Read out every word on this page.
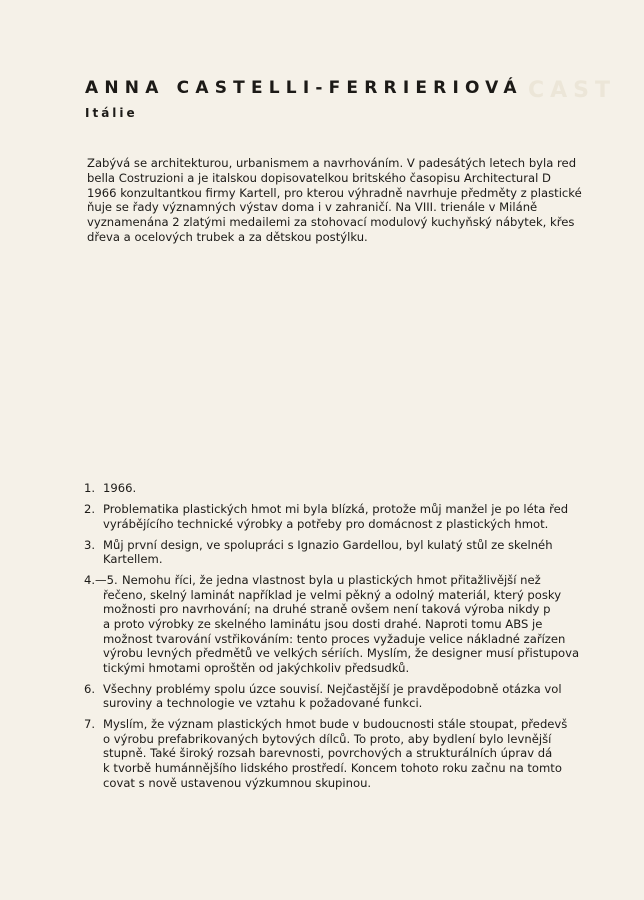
CAST
ANNA CASTELLI-FERRIERIOVÁ
Itálie
Zabývá se architekturou, urbanismem a navrhováním. V padesátých letech byla red
bella Costruzioni a je italskou dopisovatelkou britského časopisu Architectural D
1966 konzultantkou firmy Kartell, pro kterou výhradně navrhuje předměty z plastické
ňuje se řady významných výstav doma i v zahraničí. Na VIII. trienále v Miláně
vyznamenána 2 zlatými medailemi za stohovací modulový kuchyňský nábytek, křes
dřeva a ocelových trubek a za dětskou postýlku.
1. 1966.
2. Problematika plastických hmot mi byla blízká, protože můj manžel je po léta řed
vyrábějícího technické výrobky a potřeby pro domácnost z plastických hmot.
3. Můj první design, ve spolupráci s Ignazio Gardellou, byl kulatý stůl ze skelnéh
Kartellem.
4.—5. Nemohu říci, že jedna vlastnost byla u plastických hmot přitažlivější než
řečeno, skelný laminát například je velmi pěkný a odolný materiál, který posky
možnosti pro navrhování; na druhé straně ovšem není taková výroba nikdy p
a proto výrobky ze skelného laminátu jsou dosti drahé. Naproti tomu ABS je
možnost tvarování vstřikováním: tento proces vyžaduje velice nákladné zařízen
výrobu levných předmětů ve velkých sériích. Myslím, že designer musí přistupova
tickými hmotami oproštěn od jakýchkoliv předsudků.
6. Všechny problémy spolu úzce souvisí. Nejčastější je pravděpodobně otázka vol
suroviny a technologie ve vztahu k požadované funkci.
7. Myslím, že význam plastických hmot bude v budoucnosti stále stoupat, předevš
o výrobu prefabrikovaných bytových dílců. To proto, aby bydlení bylo levnější
stupně. Také široký rozsah barevnosti, povrchových a strukturálních úprav dá
k tvorbě humánnějšího lidského prostředí. Koncem tohoto roku začnu na tomto
covat s nově ustavenou výzkumnou skupinou.
